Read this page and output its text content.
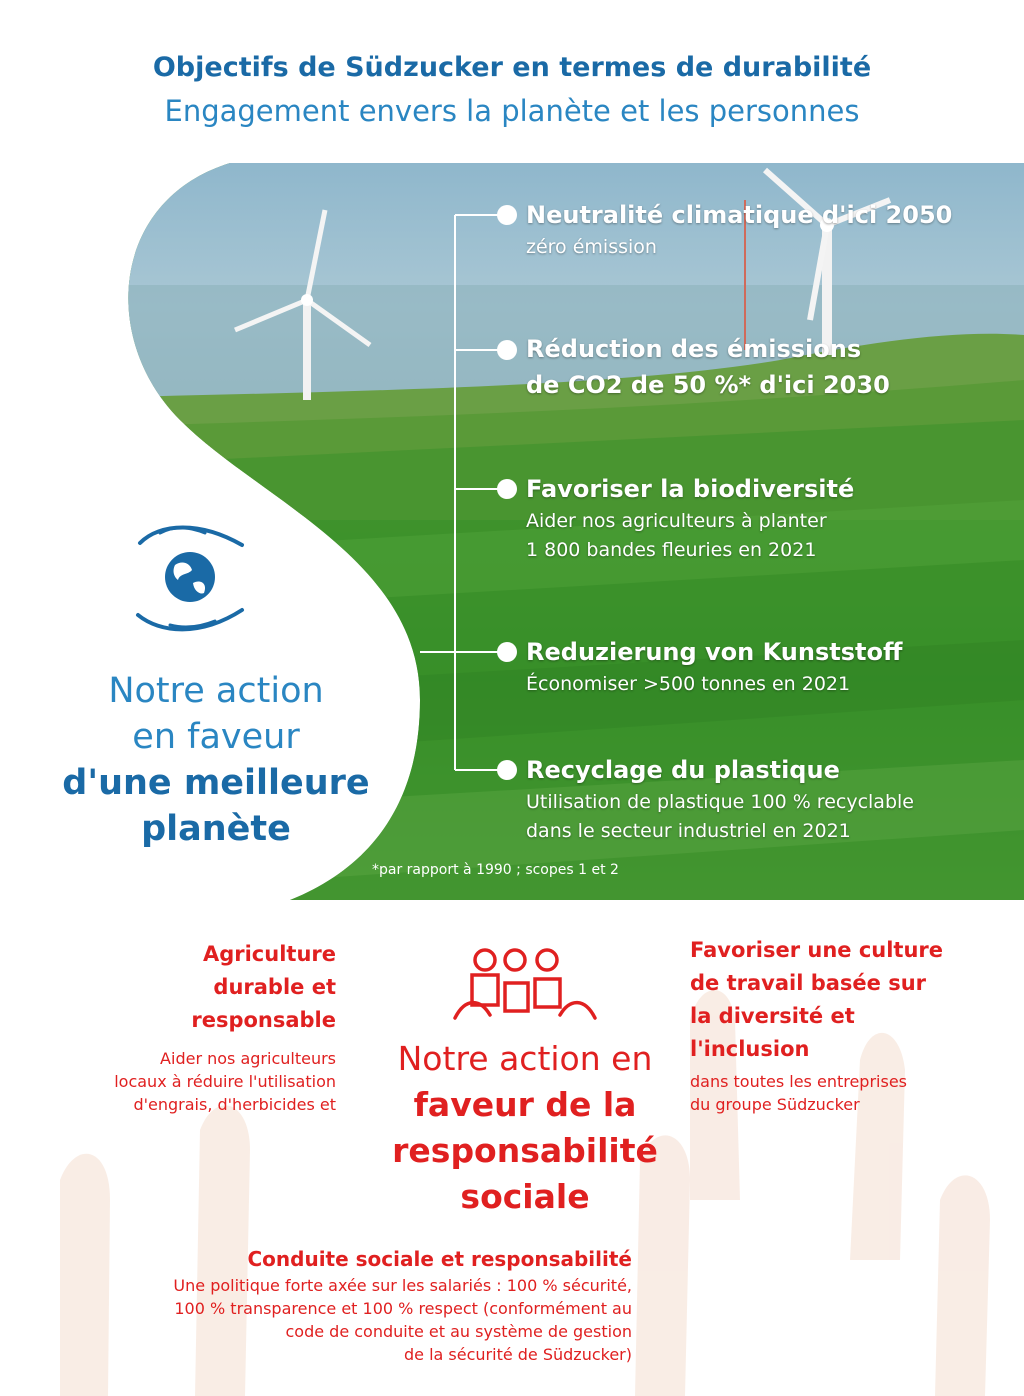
Objectifs de Südzucker en termes de durabilité
Engagement envers la planète et les personnes
Neutralité climatique d'ici 2050
zéro émission
Réduction des émissions
de CO2 de 50 %* d'ici 2030
Favoriser la biodiversité
Aider nos agriculteurs à planter
1 800 bandes fleuries en 2021
Reduzierung von Kunststoff
Économiser >500 tonnes en 2021
Recyclage du plastique
Utilisation de plastique 100 % recyclable
dans le secteur industriel en 2021
*par rapport à 1990 ; scopes 1 et 2
Notre action
en faveur
d'une meilleure
planète
Notre action en
faveur de la
responsabilité
sociale
Agriculture
durable et
responsable
Aider nos agriculteurs
locaux à réduire l'utilisation
d'engrais, d'herbicides et
Favoriser une culture
de travail basée sur
la diversité et
l'inclusion
dans toutes les entreprises
du groupe Südzucker
Conduite sociale et responsabilité
Une politique forte axée sur les salariés : 100 % sécurité,
100 % transparence et 100 % respect (conformément au
code de conduite et au système de gestion
de la sécurité de Südzucker)
